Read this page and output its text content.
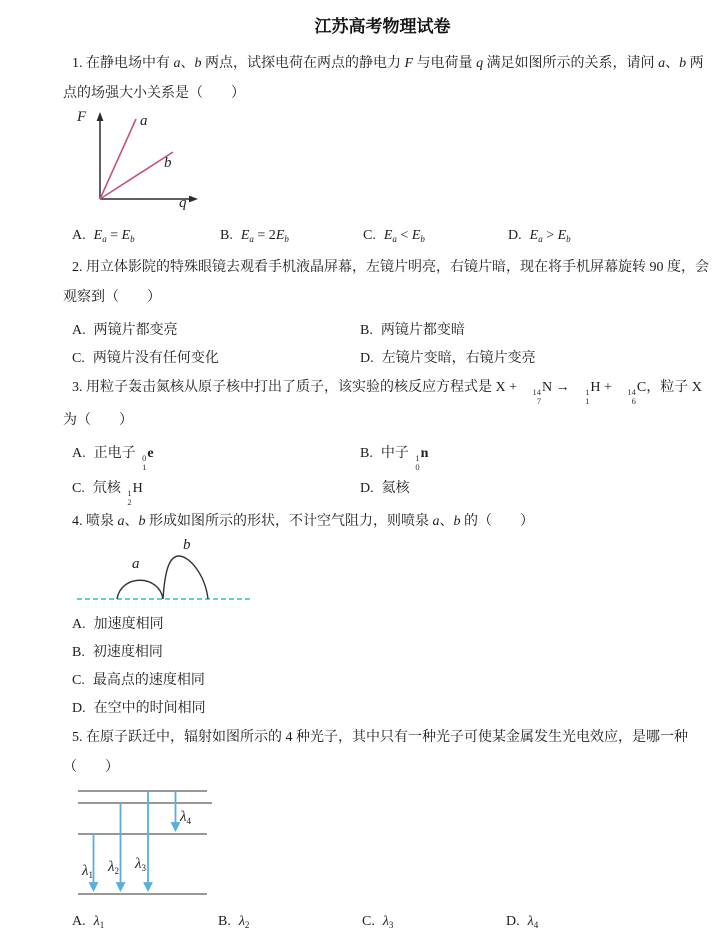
江苏高考物理试卷

1. 在静电场中有 a、b 两点，试探电荷在两点的静电力 F 与电荷量 q 满足如图所示的关系，请问 a、b 两点的场强大小关系是（　　）

F
q
a
b
A. $E_a = E_b$	B. $E_a = 2E_b$	C. $E_a < E_b$	D. $E_a > E_b$

2. 用立体影院的特殊眼镜去观看手机液晶屏幕，左镜片明亮，右镜片暗，现在将手机屏幕旋转 90 度，会观察到（　　）

A. 两镜片都变亮	B. 两镜片都变暗
C. 两镜片没有任何变化	D. 左镜片变暗，右镜片变亮

3. 用粒子轰击氮核从原子核中打出了质子，该实验的核反应方程式是 X +	14
7
N →	1
1
H +	14
6
C，粒子 X 为（　　）

A. 正电子 0
1
e	B. 中子 1
0
n
C. 氘核 1
2
H	D. 氦核

4. 喷泉 a、b 形成如图所示的形状，不计空气阻力，则喷泉 a、b 的（　　）

a
b
A. 加速度相同
B. 初速度相同
C. 最高点的速度相同
D. 在空中的时间相同

5. 在原子跃迁中，辐射如图所示的 4 种光子，其中只有一种光子可使某金属发生光电效应，是哪一种（　　）

$\lambda_1$ $\lambda_2$ $\lambda_3$
$\lambda_4$
A. $\lambda_1$	B. $\lambda_2$	C. $\lambda_3$	D. $\lambda_4$
